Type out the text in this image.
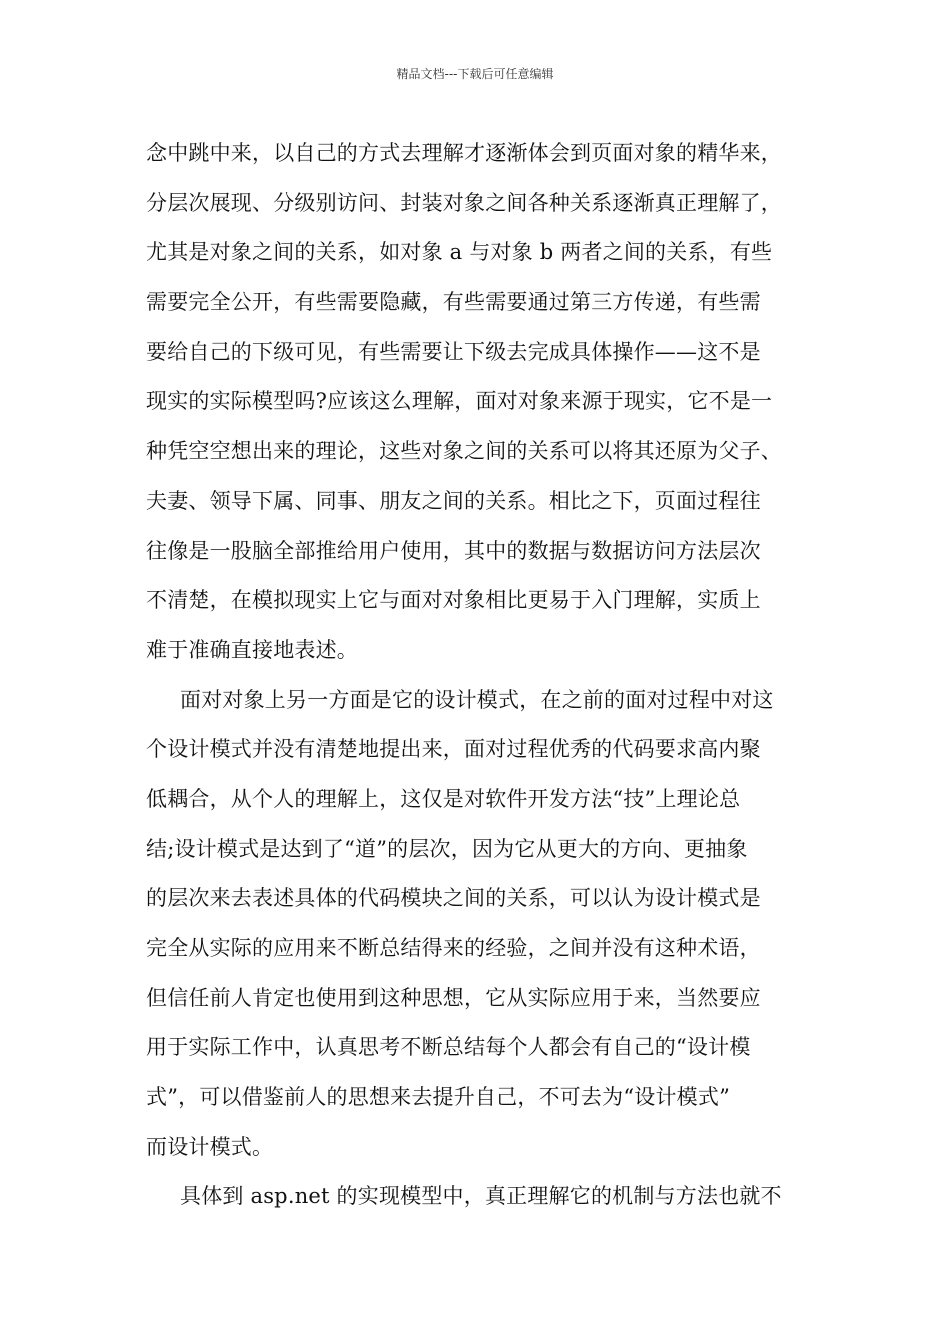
精品文档---下载后可任意编辑
念中跳中来，以自己的方式去理解才逐渐体会到页面对象的精华来，
分层次展现、分级别访问、封装对象之间各种关系逐渐真正理解了，
尤其是对象之间的关系，如对象 a 与对象 b 两者之间的关系，有些
需要完全公开，有些需要隐藏，有些需要通过第三方传递，有些需
要给自己的下级可见，有些需要让下级去完成具体操作——这不是
现实的实际模型吗?应该这么理解，面对对象来源于现实，它不是一
种凭空空想出来的理论，这些对象之间的关系可以将其还原为父子、
夫妻、领导下属、同事、朋友之间的关系。相比之下，页面过程往
往像是一股脑全部推给用户使用，其中的数据与数据访问方法层次
不清楚，在模拟现实上它与面对对象相比更易于入门理解，实质上
难于准确直接地表述。
面对对象上另一方面是它的设计模式，在之前的面对过程中对这
个设计模式并没有清楚地提出来，面对过程优秀的代码要求高内聚
低耦合，从个人的理解上，这仅是对软件开发方法“技”上理论总
结;设计模式是达到了“道”的层次，因为它从更大的方向、更抽象
的层次来去表述具体的代码模块之间的关系，可以认为设计模式是
完全从实际的应用来不断总结得来的经验，之间并没有这种术语，
但信任前人肯定也使用到这种思想，它从实际应用于来，当然要应
用于实际工作中，认真思考不断总结每个人都会有自己的“设计模
式”，可以借鉴前人的思想来去提升自己，不可去为“设计模式”
而设计模式。
具体到 asp.net 的实现模型中，真正理解它的机制与方法也就不
